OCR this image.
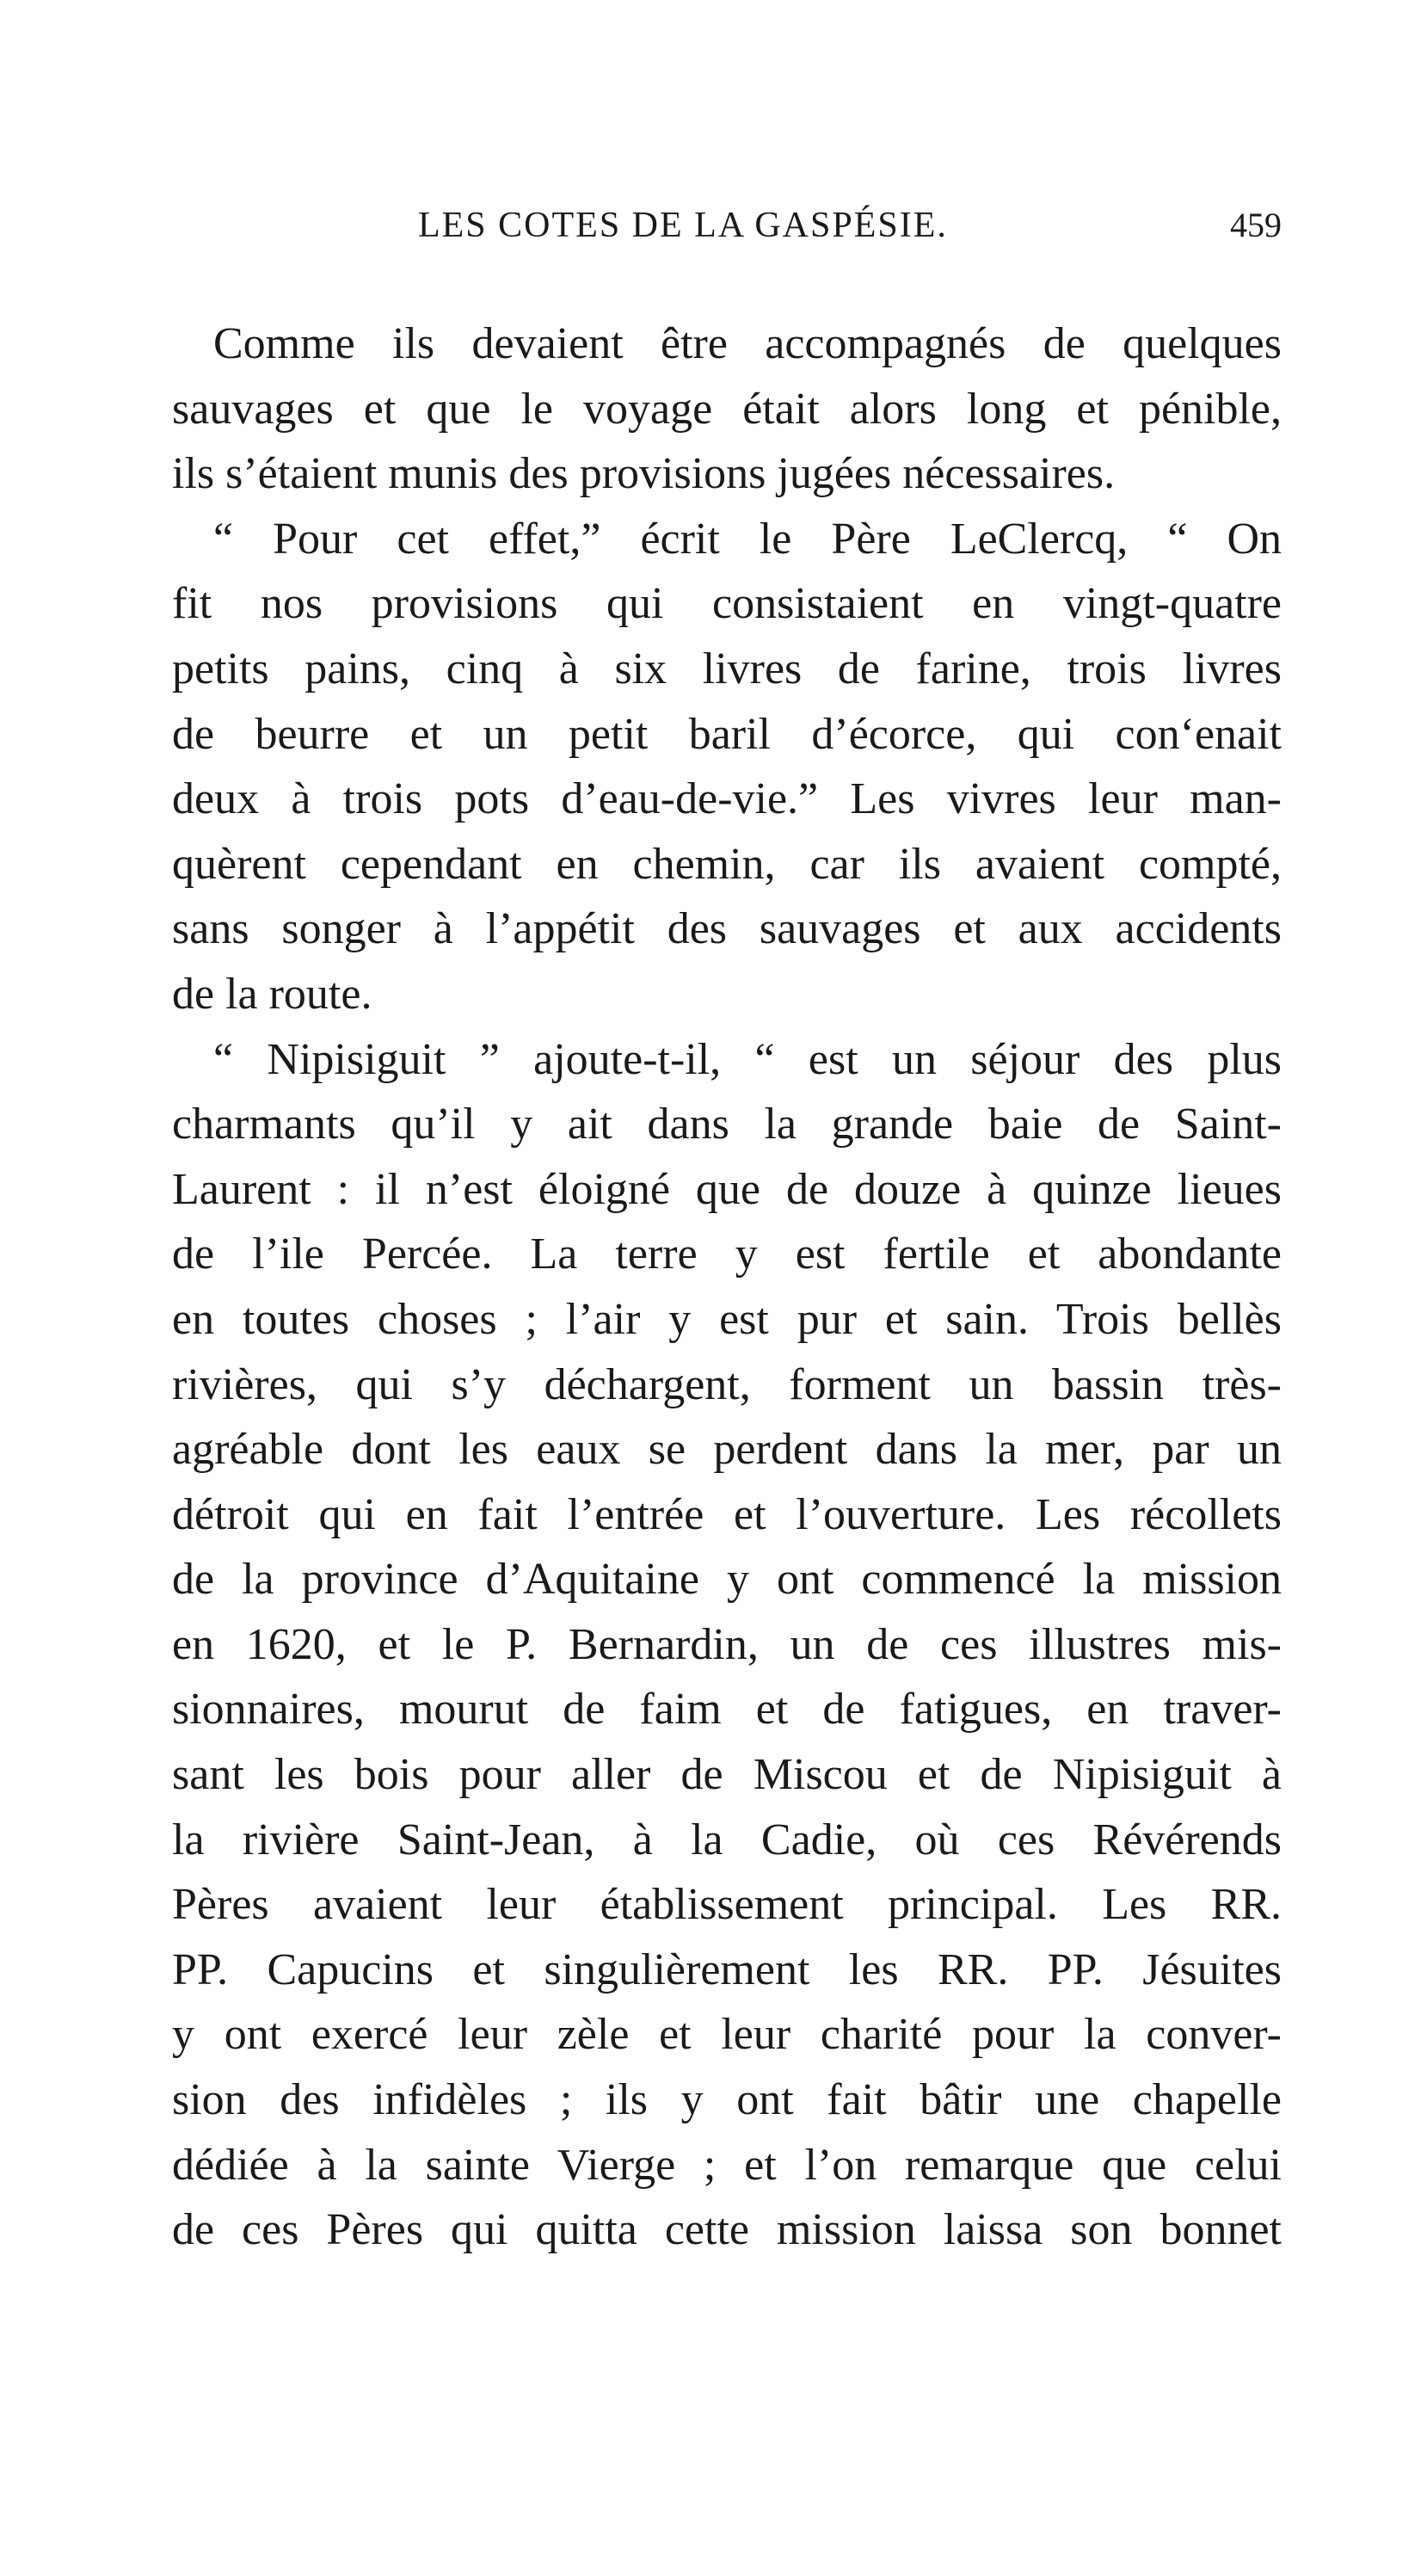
LES COTES DE LA GASPÉSIE.	459
Comme ils devaient être accompagnés de quelques
sauvages et que le voyage était alors long et pénible,
ils s’étaient munis des provisions jugées nécessaires.
“ Pour cet effet,” écrit le Père LeClercq, “ On
fit nos provisions qui consistaient en vingt-quatre
petits pains, cinq à six livres de farine, trois livres
de beurre et un petit baril d’écorce, qui con‘enait
deux à trois pots d’eau-de-vie.” Les vivres leur man-
quèrent cependant en chemin, car ils avaient compté,
sans songer à l’appétit des sauvages et aux accidents
de la route.
“ Nipisiguit ” ajoute-t-il, “ est un séjour des plus
charmants qu’il y ait dans la grande baie de Saint-
Laurent : il n’est éloigné que de douze à quinze lieues
de l’ile Percée. La terre y est fertile et abondante
en toutes choses ; l’air y est pur et sain. Trois bellès
rivières, qui s’y déchargent, forment un bassin très-
agréable dont les eaux se perdent dans la mer, par un
détroit qui en fait l’entrée et l’ouverture. Les récollets
de la province d’Aquitaine y ont commencé la mission
en 1620, et le P. Bernardin, un de ces illustres mis-
sionnaires, mourut de faim et de fatigues, en traver-
sant les bois pour aller de Miscou et de Nipisiguit à
la rivière Saint-Jean, à la Cadie, où ces Révérends
Pères avaient leur établissement principal. Les RR.
PP. Capucins et singulièrement les RR. PP. Jésuites
y ont exercé leur zèle et leur charité pour la conver-
sion des infidèles ; ils y ont fait bâtir une chapelle
dédiée à la sainte Vierge ; et l’on remarque que celui
de ces Pères qui quitta cette mission laissa son bonnet
